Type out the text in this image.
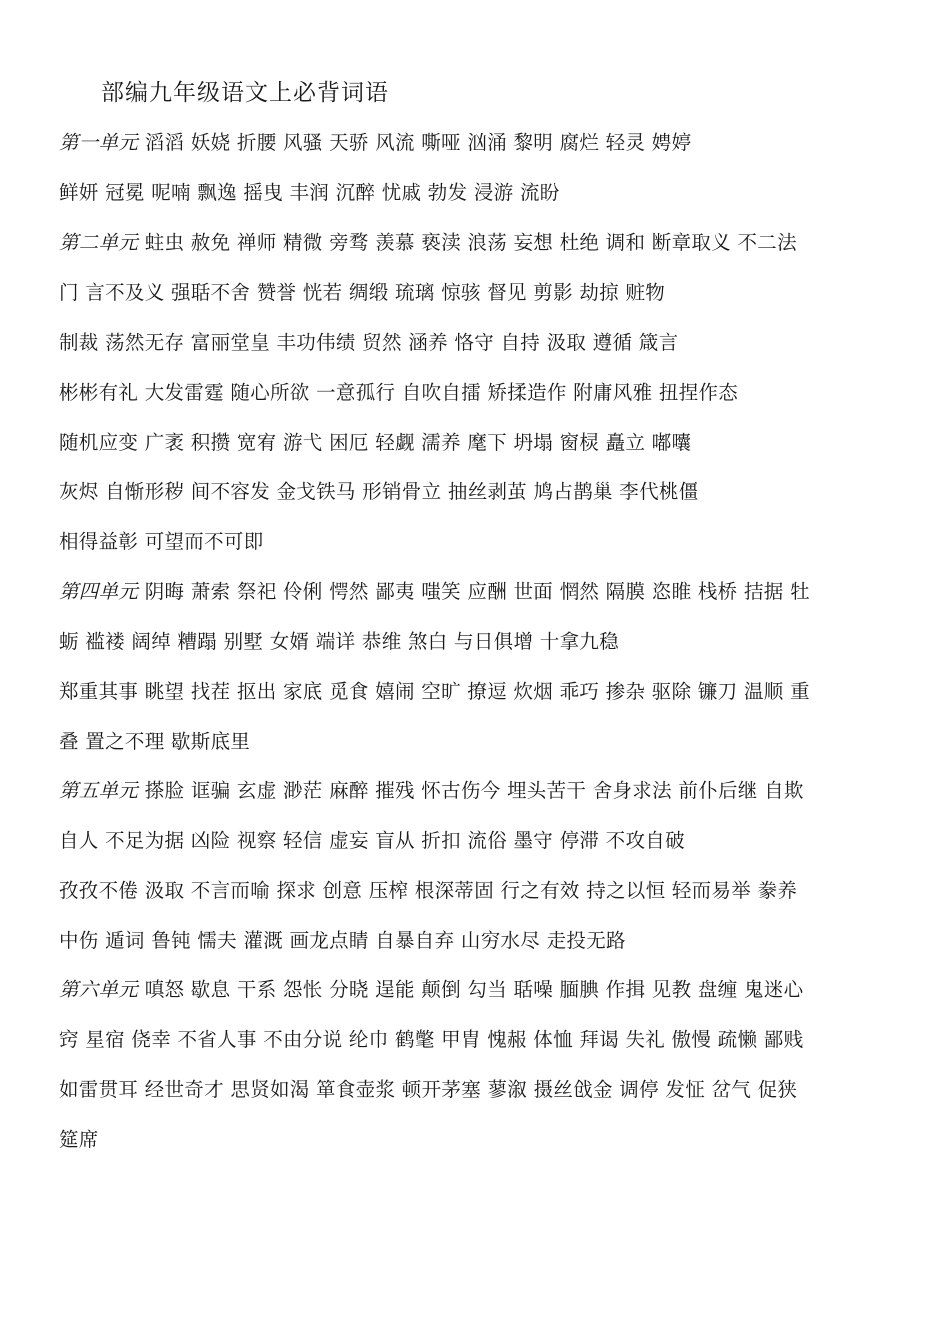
部编九年级语文上必背词语
第一单元 滔滔 妖娆 折腰 风骚 天骄 风流 嘶哑 汹涌 黎明 腐烂 轻灵 娉婷
鲜妍 冠冕 呢喃 飘逸 摇曳 丰润 沉醉 忧戚 勃发 浸游 流盼
第二单元 蛀虫 赦免 禅师 精微 旁骛 羡慕 亵渎 浪荡 妄想 杜绝 调和 断章取义 不二法
门 言不及义 强聒不舍 赞誉 恍若 绸缎 琉璃 惊骇 督见 剪影 劫掠 赃物
制裁 荡然无存 富丽堂皇 丰功伟绩 贸然 涵养 恪守 自持 汲取 遵循 箴言
彬彬有礼 大发雷霆 随心所欲 一意孤行 自吹自擂 矫揉造作 附庸风雅 扭捏作态
随机应变 广袤 积攒 宽宥 游弋 困厄 轻觑 濡养 麾下 坍塌 窗棂 矗立 嘟囔
灰烬 自惭形秽 间不容发 金戈铁马 形销骨立 抽丝剥茧 鸠占鹊巢 李代桃僵
相得益彰 可望而不可即
第四单元 阴晦 萧索 祭祀 伶俐 愕然 鄙夷 嗤笑 应酬 世面 惘然 隔膜 恣睢 栈桥 拮据 牡
蛎 褴褛 阔绰 糟蹋 别墅 女婿 端详 恭维 煞白 与日俱增 十拿九稳
郑重其事 眺望 找茬 抠出 家底 觅食 嬉闹 空旷 撩逗 炊烟 乖巧 掺杂 驱除 镰刀 温顺 重
叠 置之不理 歇斯底里
第五单元 搽脸 诓骗 玄虚 渺茫 麻醉 摧残 怀古伤今 埋头苦干 舍身求法 前仆后继 自欺
自人 不足为据 凶险 视察 轻信 虚妄 盲从 折扣 流俗 墨守 停滞 不攻自破
孜孜不倦 汲取 不言而喻 探求 创意 压榨 根深蒂固 行之有效 持之以恒 轻而易举 豢养
中伤 遁词 鲁钝 懦夫 灌溉 画龙点睛 自暴自弃 山穷水尽 走投无路
第六单元 嗔怒 歇息 干系 怨怅 分晓 逞能 颠倒 勾当 聒噪 腼腆 作揖 见教 盘缠 鬼迷心
窍 星宿 侥幸 不省人事 不由分说 纶巾 鹤氅 甲胄 愧赧 体恤 拜谒 失礼 傲慢 疏懒 鄙贱
如雷贯耳 经世奇才 思贤如渴 箪食壶浆 顿开茅塞 蓼溆 摄丝戗金 调停 发怔 岔气 促狭
筵席
